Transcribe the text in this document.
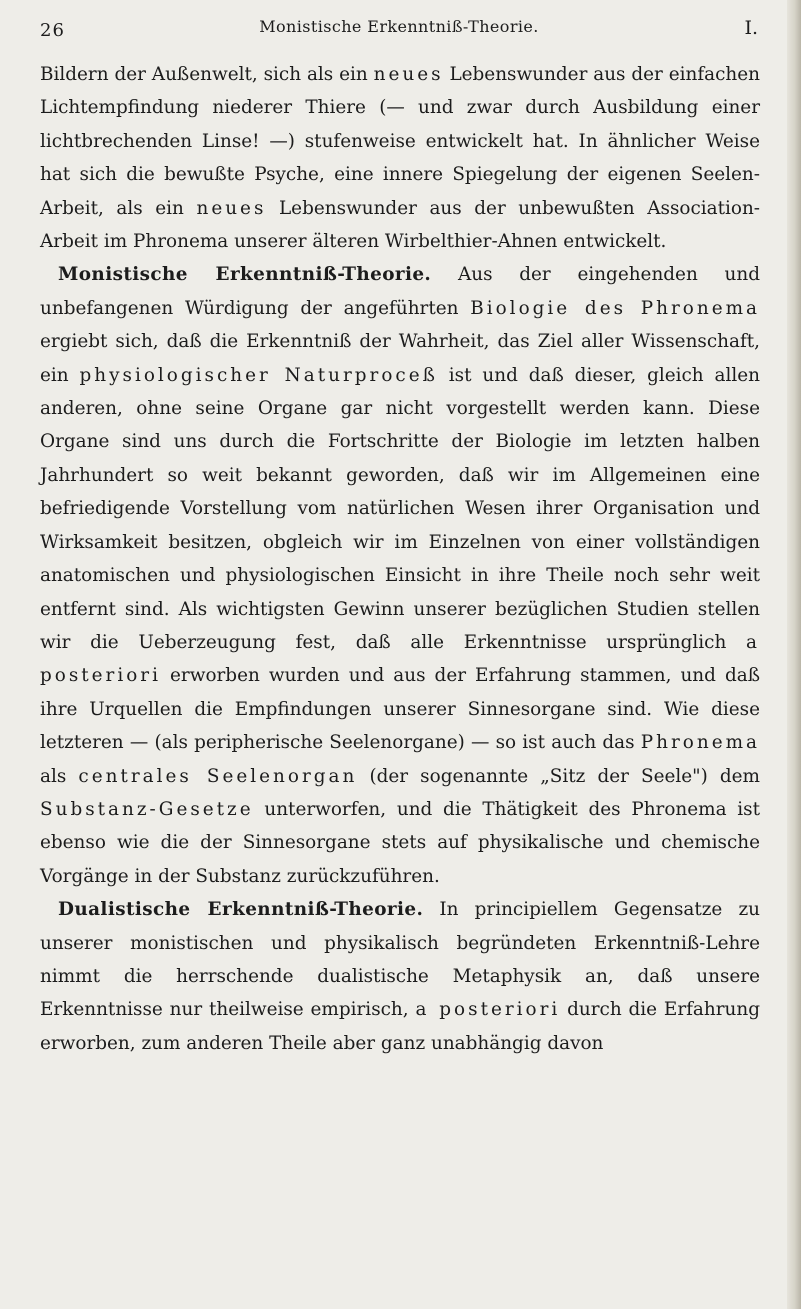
26	Monistische Erkenntniß-Theorie.	I.

Bildern der Außenwelt, sich als ein neues Lebenswunder aus der einfachen Lichtempfindung niederer Thiere (— und zwar durch Ausbildung einer lichtbrechenden Linse! —) stufenweise entwickelt hat. In ähnlicher Weise hat sich die bewußte Psyche, eine innere Spiegelung der eigenen Seelen-Arbeit, als ein neues Lebenswunder aus der unbewußten Association-Arbeit im Phronema unserer älteren Wirbelthier-Ahnen entwickelt.

Monistische Erkenntniß-Theorie. Aus der eingehenden und unbefangenen Würdigung der angeführten Biologie des Phronema ergiebt sich, daß die Erkenntniß der Wahrheit, das Ziel aller Wissenschaft, ein physiologischer Naturproceß ist und daß dieser, gleich allen anderen, ohne seine Organe gar nicht vorgestellt werden kann. Diese Organe sind uns durch die Fortschritte der Biologie im letzten halben Jahrhundert so weit bekannt geworden, daß wir im Allgemeinen eine befriedigende Vorstellung vom natürlichen Wesen ihrer Organisation und Wirksamkeit besitzen, obgleich wir im Einzelnen von einer vollständigen anatomischen und physiologischen Einsicht in ihre Theile noch sehr weit entfernt sind. Als wichtigsten Gewinn unserer bezüglichen Studien stellen wir die Ueberzeugung fest, daß alle Erkenntnisse ursprünglich a posteriori erworben wurden und aus der Erfahrung stammen, und daß ihre Urquellen die Empfindungen unserer Sinnesorgane sind. Wie diese letzteren — (als peripherische Seelenorgane) — so ist auch das Phronema als centrales Seelenorgan (der sogenannte „Sitz der Seele") dem Substanz-Gesetze unterworfen, und die Thätigkeit des Phronema ist ebenso wie die der Sinnesorgane stets auf physikalische und chemische Vorgänge in der Substanz zurückzuführen.

Dualistische Erkenntniß-Theorie. In principiellem Gegensatze zu unserer monistischen und physikalisch begründeten Erkenntniß-Lehre nimmt die herrschende dualistische Metaphysik an, daß unsere Erkenntnisse nur theilweise empirisch, a posteriori durch die Erfahrung erworben, zum anderen Theile aber ganz unabhängig davon
